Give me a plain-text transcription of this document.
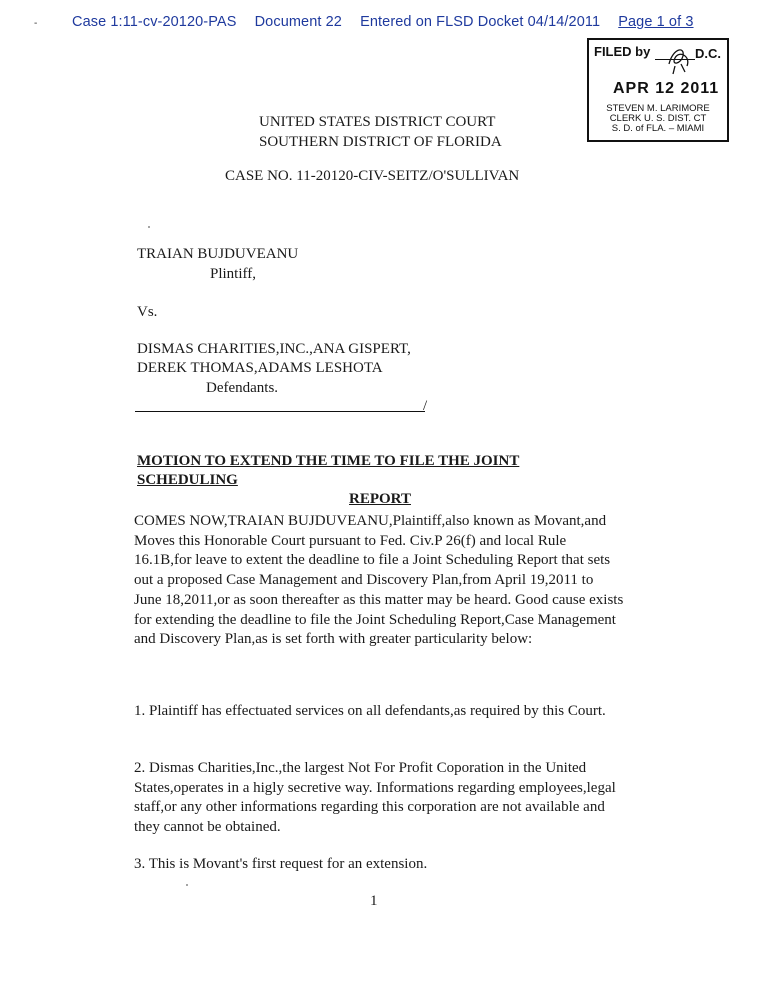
- Case 1:11-cv-20120-PAS Document 22 Entered on FLSD Docket 04/14/2011 Page 1 of 3
FILED by	D.C.
APR 12 2011
STEVEN M. LARIMORE
CLERK U. S. DIST. CT
S. D. of FLA. – MIAMI
UNITED STATES DISTRICT COURT
SOUTHERN DISTRICT OF FLORIDA
CASE NO. 11-20120-CIV-SEITZ/O'SULLIVAN
TRAIAN BUJDUVEANU
Plintiff,
Vs.
DISMAS CHARITIES,INC.,ANA GISPERT,
DEREK THOMAS,ADAMS LESHOTA
Defendants.
/
MOTION TO EXTEND THE TIME TO FILE THE JOINT SCHEDULING
REPORT
COMES NOW,TRAIAN BUJDUVEANU,Plaintiff,also known as Movant,and Moves this Honorable Court pursuant to Fed. Civ.P 26(f) and local Rule 16.1B,for leave to extent the deadline to file a Joint Scheduling Report that sets out a proposed Case Management and Discovery Plan,from April 19,2011 to June 18,2011,or as soon thereafter as this matter may be heard. Good cause exists for extending the deadline to file the Joint Scheduling Report,Case Management and Discovery Plan,as is set forth with greater particularity below:
1. Plaintiff has effectuated services on all defendants,as required by this Court.
2. Dismas Charities,Inc.,the largest Not For Profit Coporation in the United States,operates in a higly secretive way. Informations regarding employees,legal staff,or any other informations regarding this corporation are not available and they cannot be obtained.
3. This is Movant's first request for an extension.
1
